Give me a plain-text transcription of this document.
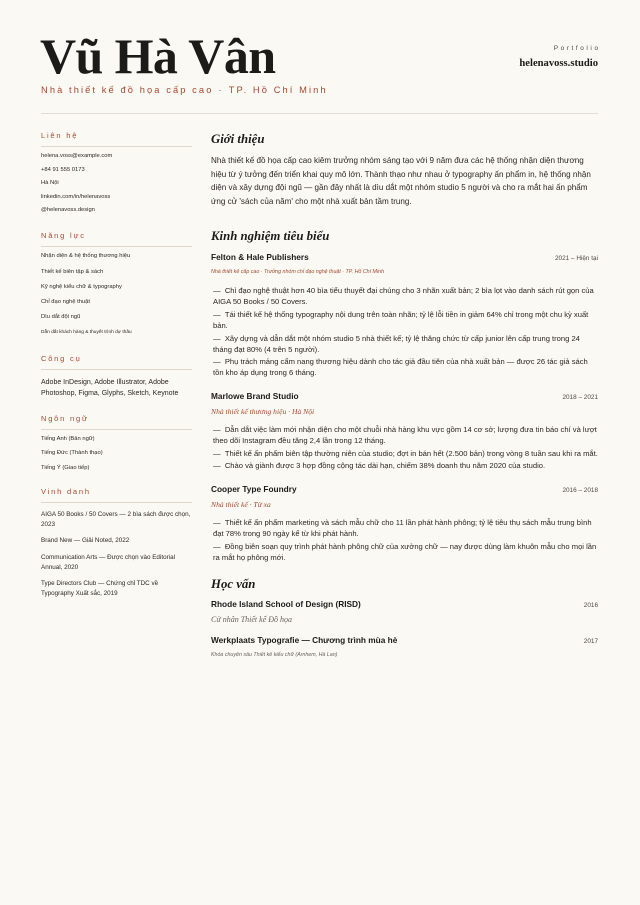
Vũ Hà Vân
Nhà thiết kế đồ họa cấp cao · TP. Hồ Chí Minh
Portfolio
helenavoss.studio
Liên hệ
helena.voss@example.com
+84 91 555 0173
Hà Nội
linkedin.com/in/helenavoss
@helenavoss.design
Năng lực
Nhận diện & hệ thống thương hiệu
Thiết kế biên tập & sách
Kỹ nghệ kiểu chữ & typography
Chỉ đạo nghệ thuật
Dìu dắt đội ngũ
Dẫn dắt khách hàng & thuyết trình dự thầu
Công cụ

Adobe InDesign, Adobe Illustrator, Adobe Photoshop, Figma, Glyphs, Sketch, Keynote

Ngôn ngữ
Tiếng Anh (Bản ngữ)
Tiếng Đức (Thành thạo)
Tiếng Ý (Giao tiếp)
Vinh danh
AIGA 50 Books / 50 Covers — 2 bìa sách được chọn, 2023
Brand New — Giải Noted, 2022
Communication Arts — Được chọn vào Editorial Annual, 2020
Type Directors Club — Chứng chỉ TDC về Typography Xuất sắc, 2019
Giới thiệu

Nhà thiết kế đồ họa cấp cao kiêm trưởng nhóm sáng tạo với 9 năm đưa các hệ thống nhận diện thương hiệu từ ý tưởng đến triển khai quy mô lớn. Thành thạo như nhau ở typography ấn phẩm in, hệ thống nhận diện và xây dựng đội ngũ — gần đây nhất là dìu dắt một nhóm studio 5 người và cho ra mắt hai ấn phẩm ứng cử 'sách của năm' cho một nhà xuất bản tầm trung.

Kinh nghiệm tiêu biểu
Felton & Hale Publishers	2021 – Hiện tại
Nhà thiết kế cấp cao · Trưởng nhóm chỉ đạo nghệ thuật · TP. Hồ Chí Minh

—  Chỉ đạo nghệ thuật hơn 40 bìa tiểu thuyết đại chúng cho 3 nhãn xuất bản; 2 bìa lọt vào danh sách rút gọn của AIGA 50 Books / 50 Covers.

—  Tái thiết kế hệ thống typography nội dung trên toàn nhãn; tỷ lệ lỗi tiền in giảm 64% chỉ trong một chu kỳ xuất bản.

—  Xây dựng và dẫn dắt một nhóm studio 5 nhà thiết kế; tỷ lệ thăng chức từ cấp junior lên cấp trung trong 24 tháng đạt 80% (4 trên 5 người).

—  Phụ trách mảng cẩm nang thương hiệu dành cho tác giả đầu tiên của nhà xuất bản — được 26 tác giả sách tồn kho áp dụng trong 6 tháng.

Marlowe Brand Studio	2018 – 2021
Nhà thiết kế thương hiệu · Hà Nội

—  Dẫn dắt việc làm mới nhận diện cho một chuỗi nhà hàng khu vực gồm 14 cơ sở; lượng đưa tin báo chí và lượt theo dõi Instagram đều tăng 2,4 lần trong 12 tháng.

—  Thiết kế ấn phẩm biên tập thường niên của studio; đợt in bán hết (2.500 bản) trong vòng 8 tuần sau khi ra mắt.

—  Chào và giành được 3 hợp đồng cộng tác dài hạn, chiếm 38% doanh thu năm 2020 của studio.

Cooper Type Foundry	2016 – 2018
Nhà thiết kế · Từ xa

—  Thiết kế ấn phẩm marketing và sách mẫu chữ cho 11 lần phát hành phông; tỷ lệ tiêu thụ sách mẫu trung bình đạt 78% trong 90 ngày kể từ khi phát hành.

—  Đồng biên soạn quy trình phát hành phông chữ của xưởng chữ — nay được dùng làm khuôn mẫu cho mọi lần ra mắt họ phông mới.

Học vấn
Rhode Island School of Design (RISD)	2016
Cử nhân Thiết kế Đồ họa
Werkplaats Typografie — Chương trình mùa hè	2017
Khóa chuyên sâu Thiết kế kiểu chữ (Arnhem, Hà Lan)
